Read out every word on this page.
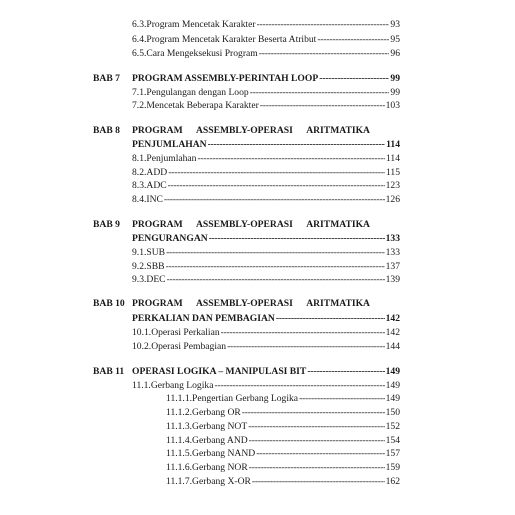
6.3. Program Mencetak Karakter -----	93
6.4. Program Mencetak Karakter Beserta Atribut -----	95
6.5. Cara Mengeksekusi Program -----	96
BAB 7 PROGRAM ASSEMBLY-PERINTAH LOOP -----	99
7.1. Pengulangan dengan Loop -----	99
7.2. Mencetak Beberapa Karakter -----	103
BAB 8 PROGRAM ASSEMBLY-OPERASI ARITMATIKA
PENJUMLAHAN -----	114
8.1. Penjumlahan -----	114
8.2. ADD -----	115
8.3. ADC -----	123
8.4. INC -----	126
BAB 9 PROGRAM ASSEMBLY-OPERASI ARITMATIKA
PENGURANGAN -----	133
9.1. SUB -----	133
9.2. SBB -----	137
9.3. DEC -----	139
BAB 10 PROGRAM ASSEMBLY-OPERASI ARITMATIKA
PERKALIAN DAN PEMBAGIAN -----	142
10.1. Operasi Perkalian -----	142
10.2. Operasi Pembagian -----	144
BAB 11 OPERASI LOGIKA – MANIPULASI BIT -----	149
11.1. Gerbang Logika -----	149
11.1.1. Pengertian Gerbang Logika -----	149
11.1.2. Gerbang OR -----	150
11.1.3. Gerbang NOT -----	152
11.1.4. Gerbang AND -----	154
11.1.5. Gerbang NAND -----	157
11.1.6. Gerbang NOR -----	159
11.1.7. Gerbang X-OR -----	162
